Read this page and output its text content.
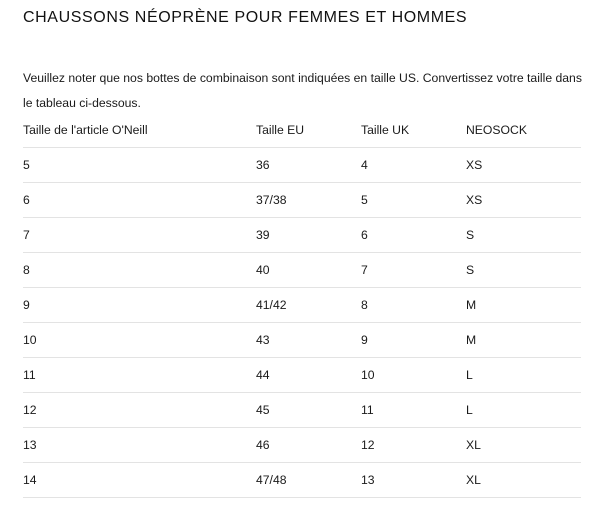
CHAUSSONS NÉOPRÈNE POUR FEMMES ET HOMMES
Veuillez noter que nos bottes de combinaison sont indiquées en taille US. Convertissez votre taille dans le tableau ci-dessous.
Taille de l'article O'Neill	Taille EU	Taille UK	NEOSOCK
5	36	4	XS
6	37/38	5	XS
7	39	6	S
8	40	7	S
9	41/42	8	M
10	43	9	M
11	44	10	L
12	45	11	L
13	46	12	XL
14	47/48	13	XL
